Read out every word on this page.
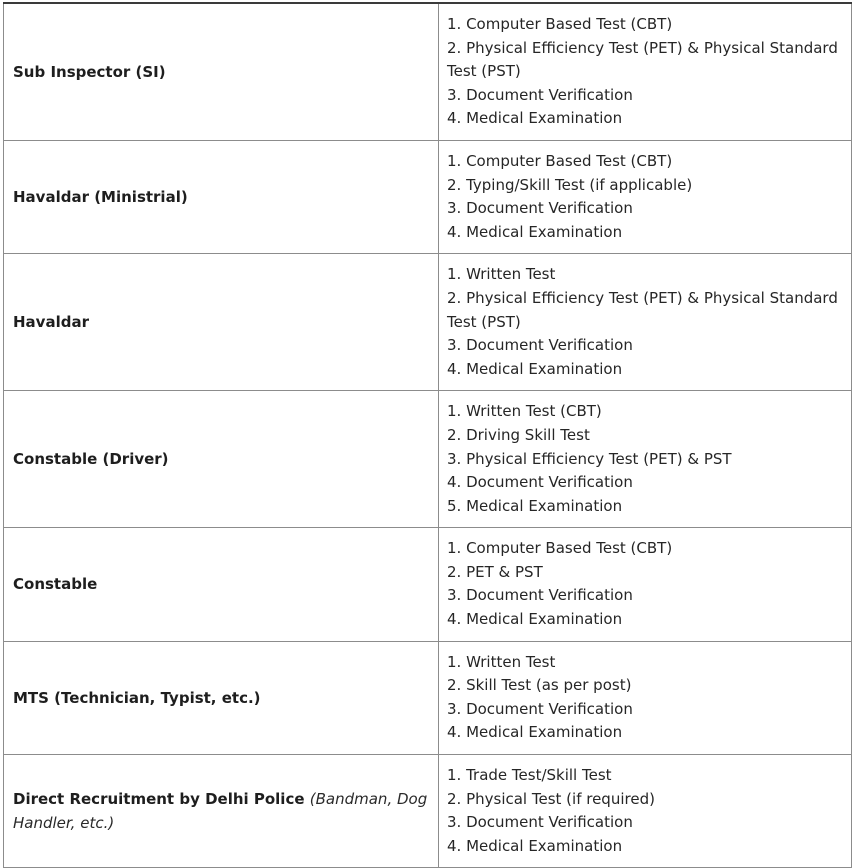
Sub Inspector (SI)	1. Computer Based Test (CBT)
2. Physical Efficiency Test (PET) & Physical Standard Test (PST)
3. Document Verification
4. Medical Examination

Havaldar (Ministrial)	1. Computer Based Test (CBT)
2. Typing/Skill Test (if applicable)
3. Document Verification
4. Medical Examination

Havaldar	1. Written Test
2. Physical Efficiency Test (PET) & Physical Standard Test (PST)
3. Document Verification
4. Medical Examination

Constable (Driver)	1. Written Test (CBT)
2. Driving Skill Test
3. Physical Efficiency Test (PET) & PST
4. Document Verification
5. Medical Examination

Constable	1. Computer Based Test (CBT)
2. PET & PST
3. Document Verification
4. Medical Examination

MTS (Technician, Typist, etc.)	1. Written Test
2. Skill Test (as per post)
3. Document Verification
4. Medical Examination

Direct Recruitment by Delhi Police (Bandman, Dog Handler, etc.)	1. Trade Test/Skill Test
2. Physical Test (if required)
3. Document Verification
4. Medical Examination
